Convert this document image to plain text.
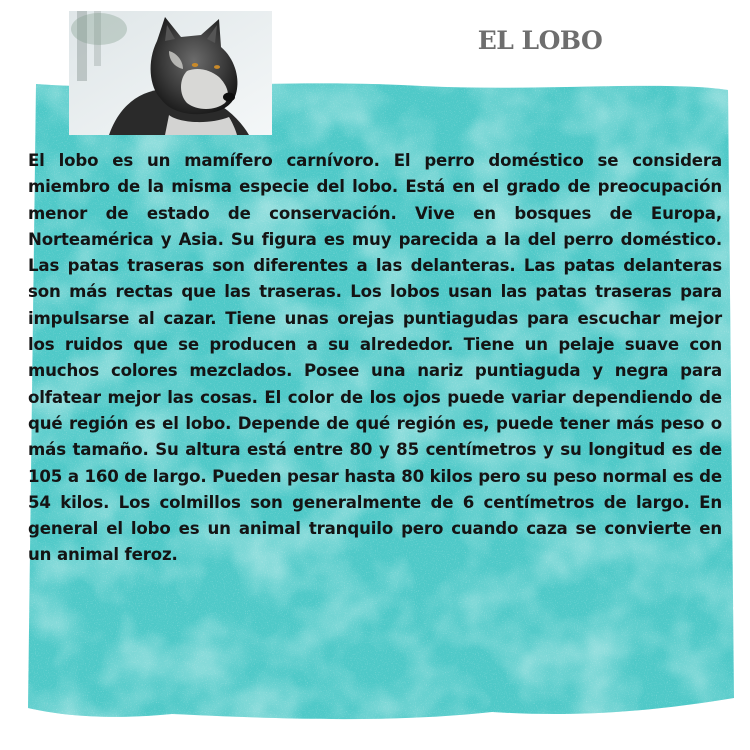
EL LOBO

El lobo es un mamífero carnívoro. El perro doméstico se considera miembro de la misma especie del lobo. Está en el grado de preocupación menor de estado de conservación. Vive en bosques de Europa, Norteamérica y Asia. Su figura es muy parecida a la del perro doméstico. Las patas traseras son diferentes a las delanteras. Las patas delanteras son más rectas que las traseras. Los lobos usan las patas traseras para impulsarse al cazar. Tiene unas orejas puntiagudas para escuchar mejor los ruidos que se producen a su alrededor. Tiene un pelaje suave con muchos colores mezclados. Posee una nariz puntiaguda y negra para olfatear mejor las cosas. El color de los ojos puede variar dependiendo de qué región es el lobo. Depende de qué región es, puede tener más peso o más tamaño. Su altura está entre 80 y 85 centímetros y su longitud es de 105 a 160 de largo. Pueden pesar hasta 80 kilos pero su peso normal es de 54 kilos. Los colmillos son generalmente de 6 centímetros de largo. En general el lobo es un animal tranquilo pero cuando caza se convierte en un animal feroz.
